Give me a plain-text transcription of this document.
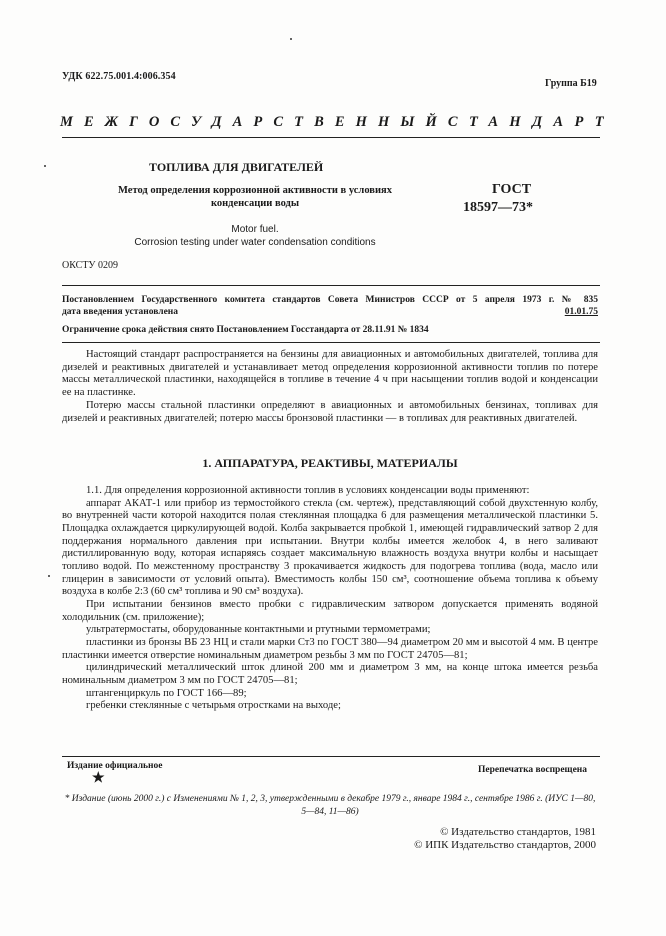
УДК 622.75.001.4:006.354
Группа Б19
МЕЖГОСУДАРСТВЕННЫЙ СТАНДАРТ
ТОПЛИВА ДЛЯ ДВИГАТЕЛЕЙ
Метод определения коррозионной активности в условиях конденсации воды
ГОСТ
18597—73*
Motor fuel.
Corrosion testing under water condensation conditions
ОКСТУ 0209
Постановлением Государственного комитета стандартов Совета Министров СССР от 5 апреля 1973 г. № 835
дата введения установлена	01.01.75
Ограничение срока действия снято Постановлением Госстандарта от 28.11.91 № 1834

Настоящий стандарт распространяется на бензины для авиационных и автомобильных двигателей, топлива для дизелей и реактивных двигателей и устанавливает метод определения коррозионной активности топлив по потере массы металлической пластинки, находящейся в топливе в течение 4 ч при насыщении топлив водой и конденсации ее на пластинке.

Потерю массы стальной пластинки определяют в авиационных и автомобильных бензинах, топливах для дизелей и реактивных двигателей; потерю массы бронзовой пластинки — в топливах для реактивных двигателей.

1. АППАРАТУРА, РЕАКТИВЫ, МАТЕРИАЛЫ

1.1. Для определения коррозионной активности топлив в условиях конденсации воды применяют:

аппарат АКАТ-1 или прибор из термостойкого стекла (см. чертеж), представляющий собой двухстенную колбу, во внутренней части которой находится полая стеклянная площадка 6 для размещения металлической пластинки 5. Площадка охлаждается циркулирующей водой. Колба закрывается пробкой 1, имеющей гидравлический затвор 2 для поддержания нормального давления при испытании. Внутри колбы имеется желобок 4, в него заливают дистиллированную воду, которая испаряясь создает максимальную влажность воздуха внутри колбы и насыщает топливо водой. По межстенному пространству 3 прокачивается жидкость для подогрева топлива (вода, масло или глицерин в зависимости от условий опыта). Вместимость колбы 150 см³, соотношение объема топлива к объему воздуха в колбе 2:3 (60 см³ топлива и 90 см³ воздуха).

При испытании бензинов вместо пробки с гидравлическим затвором допускается применять водяной холодильник (см. приложение);

ультратермостаты, оборудованные контактными и ртутными термометрами;

пластинки из бронзы ВБ 23 НЦ и стали марки Ст3 по ГОСТ 380—94 диаметром 20 мм и высотой 4 мм. В центре пластинки имеется отверстие номинальным диаметром резьбы 3 мм по ГОСТ 24705—81;

цилиндрический металлический шток длиной 200 мм и диаметром 3 мм, на конце штока имеется резьба номинальным диаметром 3 мм по ГОСТ 24705—81;

штангенциркуль по ГОСТ 166—89;

гребенки стеклянные с четырьмя отростками на выходе;

Издание официальное
★
Перепечатка воспрещена
* Издание (июнь 2000 г.) с Изменениями № 1, 2, 3, утвержденными в декабре 1979 г., январе 1984 г., сентябре 1986 г. (ИУС 1—80, 5—84, 11—86)
© Издательство стандартов, 1981
© ИПК Издательство стандартов, 2000
